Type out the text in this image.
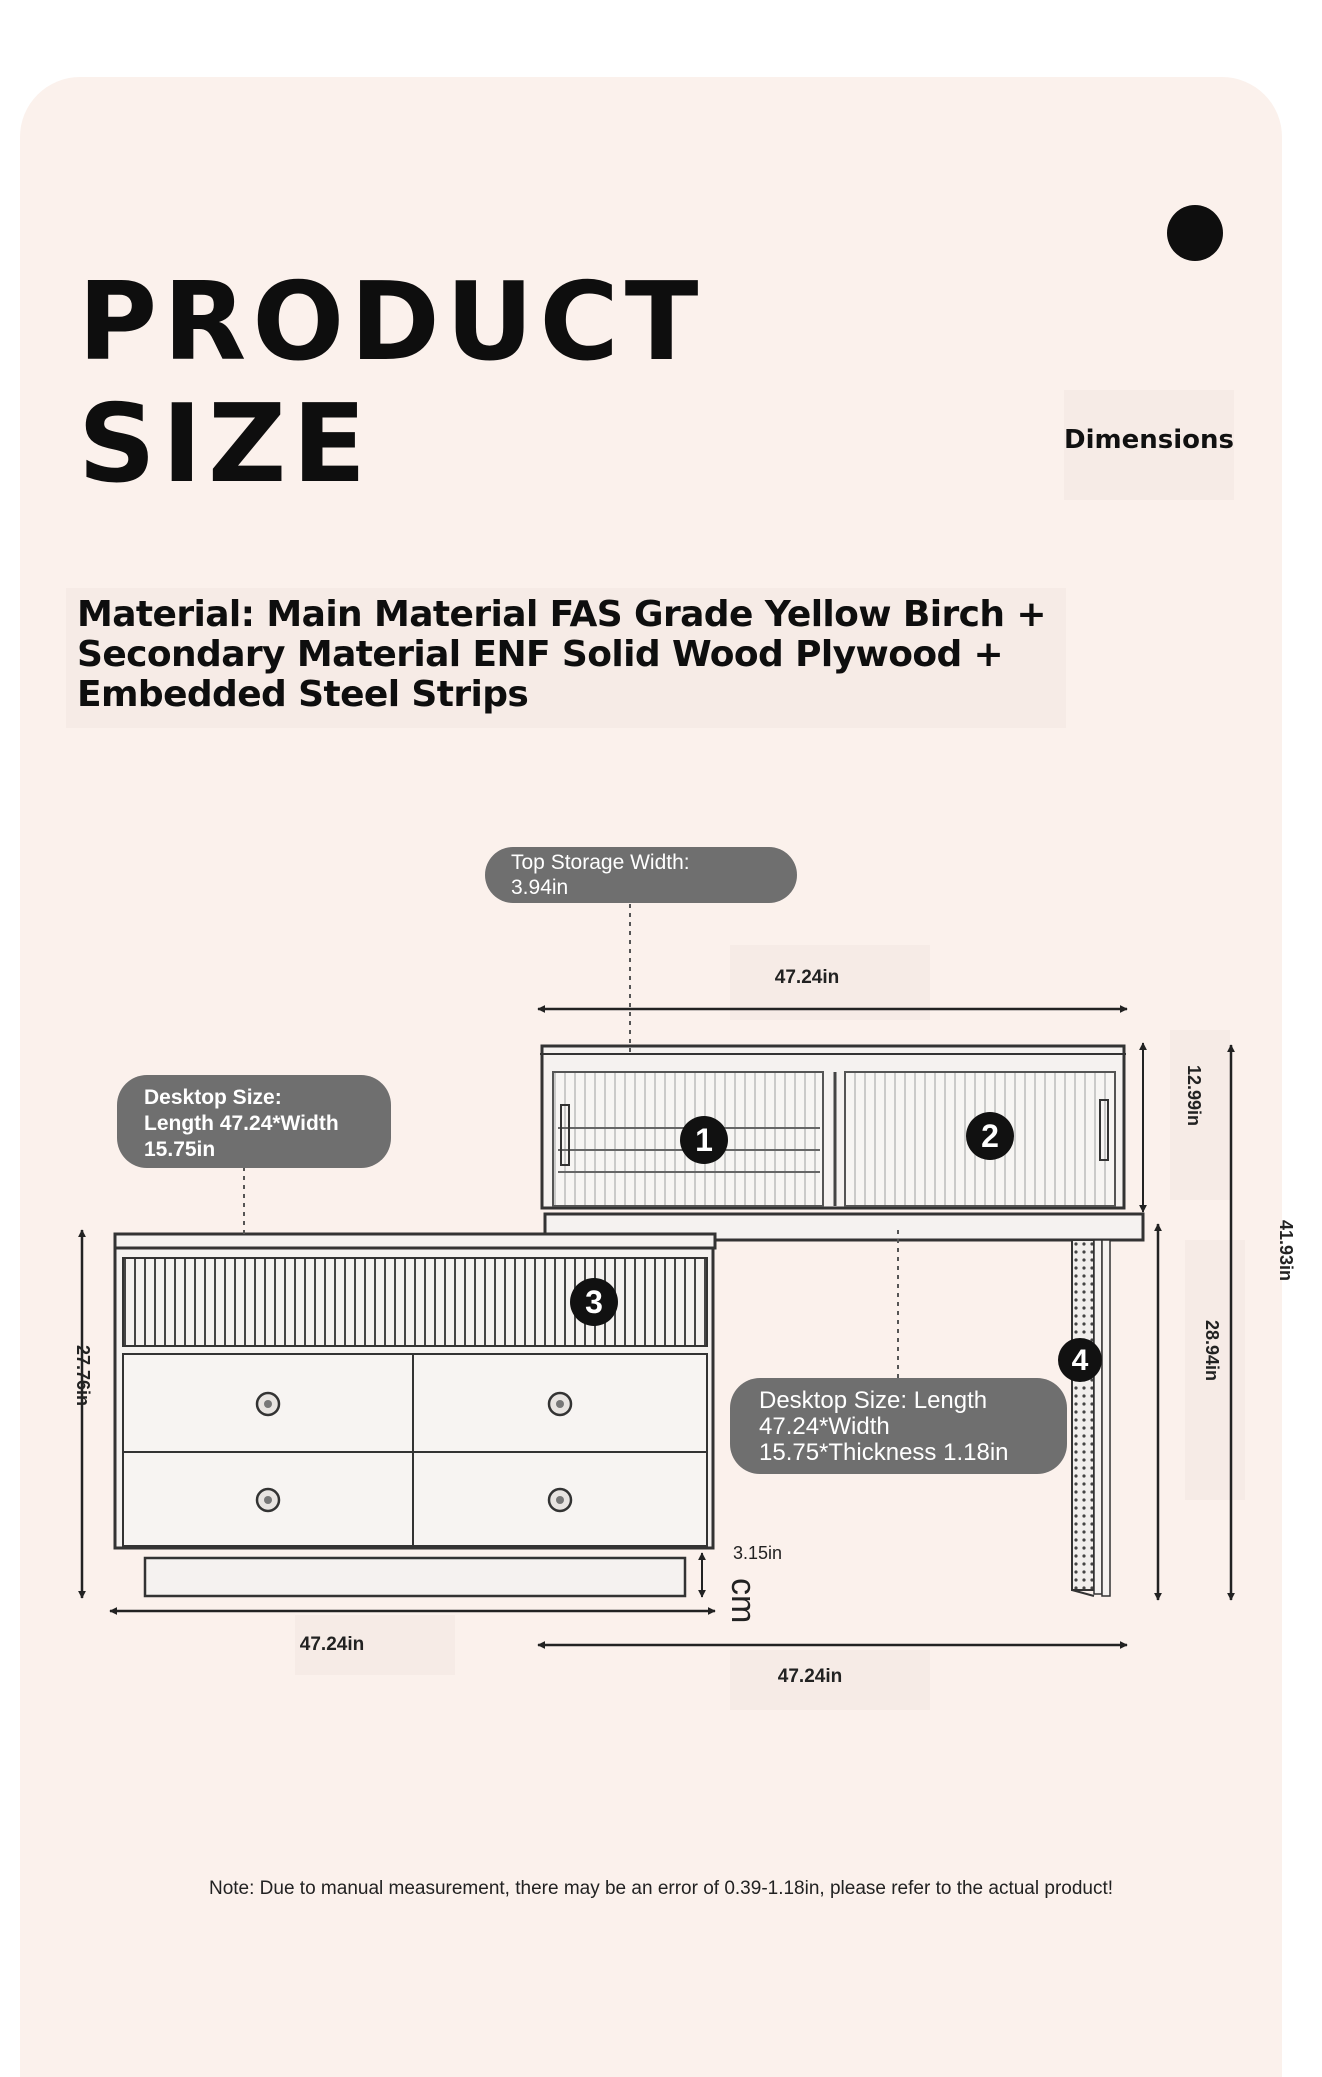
PRODUCT
SIZE	Dimensions

Material: Main Material FAS Grade Yellow Birch +
Secondary Material ENF Solid Wood Plywood +
Embedded Steel Strips

1	2
3
4
47.24in
47.24in
47.24in
3.15in
cm
12.99in
41.93in
28.94in
27.76in
Top Storage Width:
3.94in
Desktop Size:
Length 47.24*Width
15.75in
Desktop Size: Length
47.24*Width
15.75*Thickness 1.18in
Note: Due to manual measurement, there may be an error of 0.39-1.18in, please refer to the actual product!
